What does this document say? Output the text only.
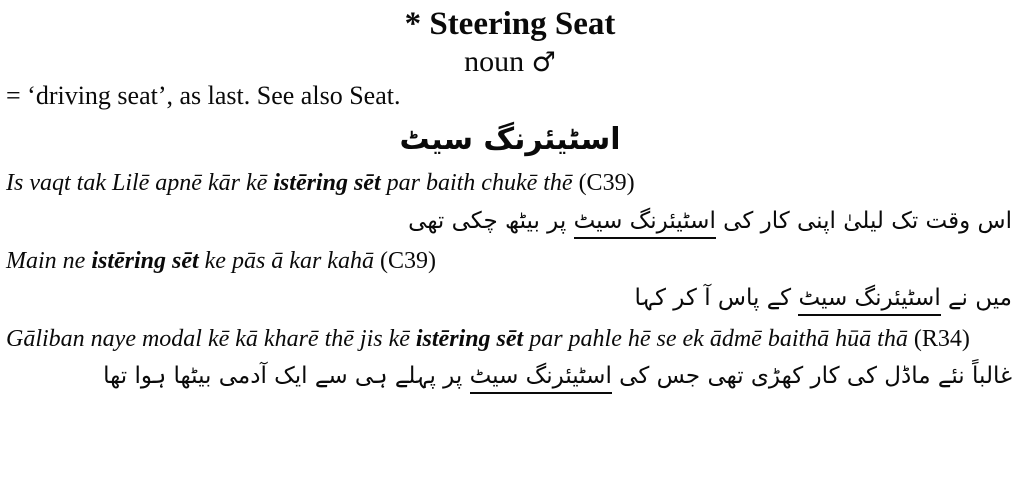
* Steering Seat
noun ♂
= ‘driving seat’, as last. See also Seat.
اسٹیئرنگ سیٹ
Is vaqt tak Lilē apnē kār kē istēring sēt par baith chukē thē (C39)
اس وقت تک لیلیٰ اپنی کار کی اسٹیئرنگ سیٹ پر بیٹھ چکی تھی
Main ne istēring sēt ke pās ā kar kahā (C39)
میں نے اسٹیئرنگ سیٹ کے پاس آ کر کہا
Gāliban naye modal kē kā kharē thē jis kē istēring sēt par pahle hē se ek ādmē baithā hūā thā (R34)
غالباً نئے ماڈل کی کار کھڑی تھی جس کی اسٹیئرنگ سیٹ پر پہلے ہی سے ایک آدمی بیٹھا ہوا تھا
